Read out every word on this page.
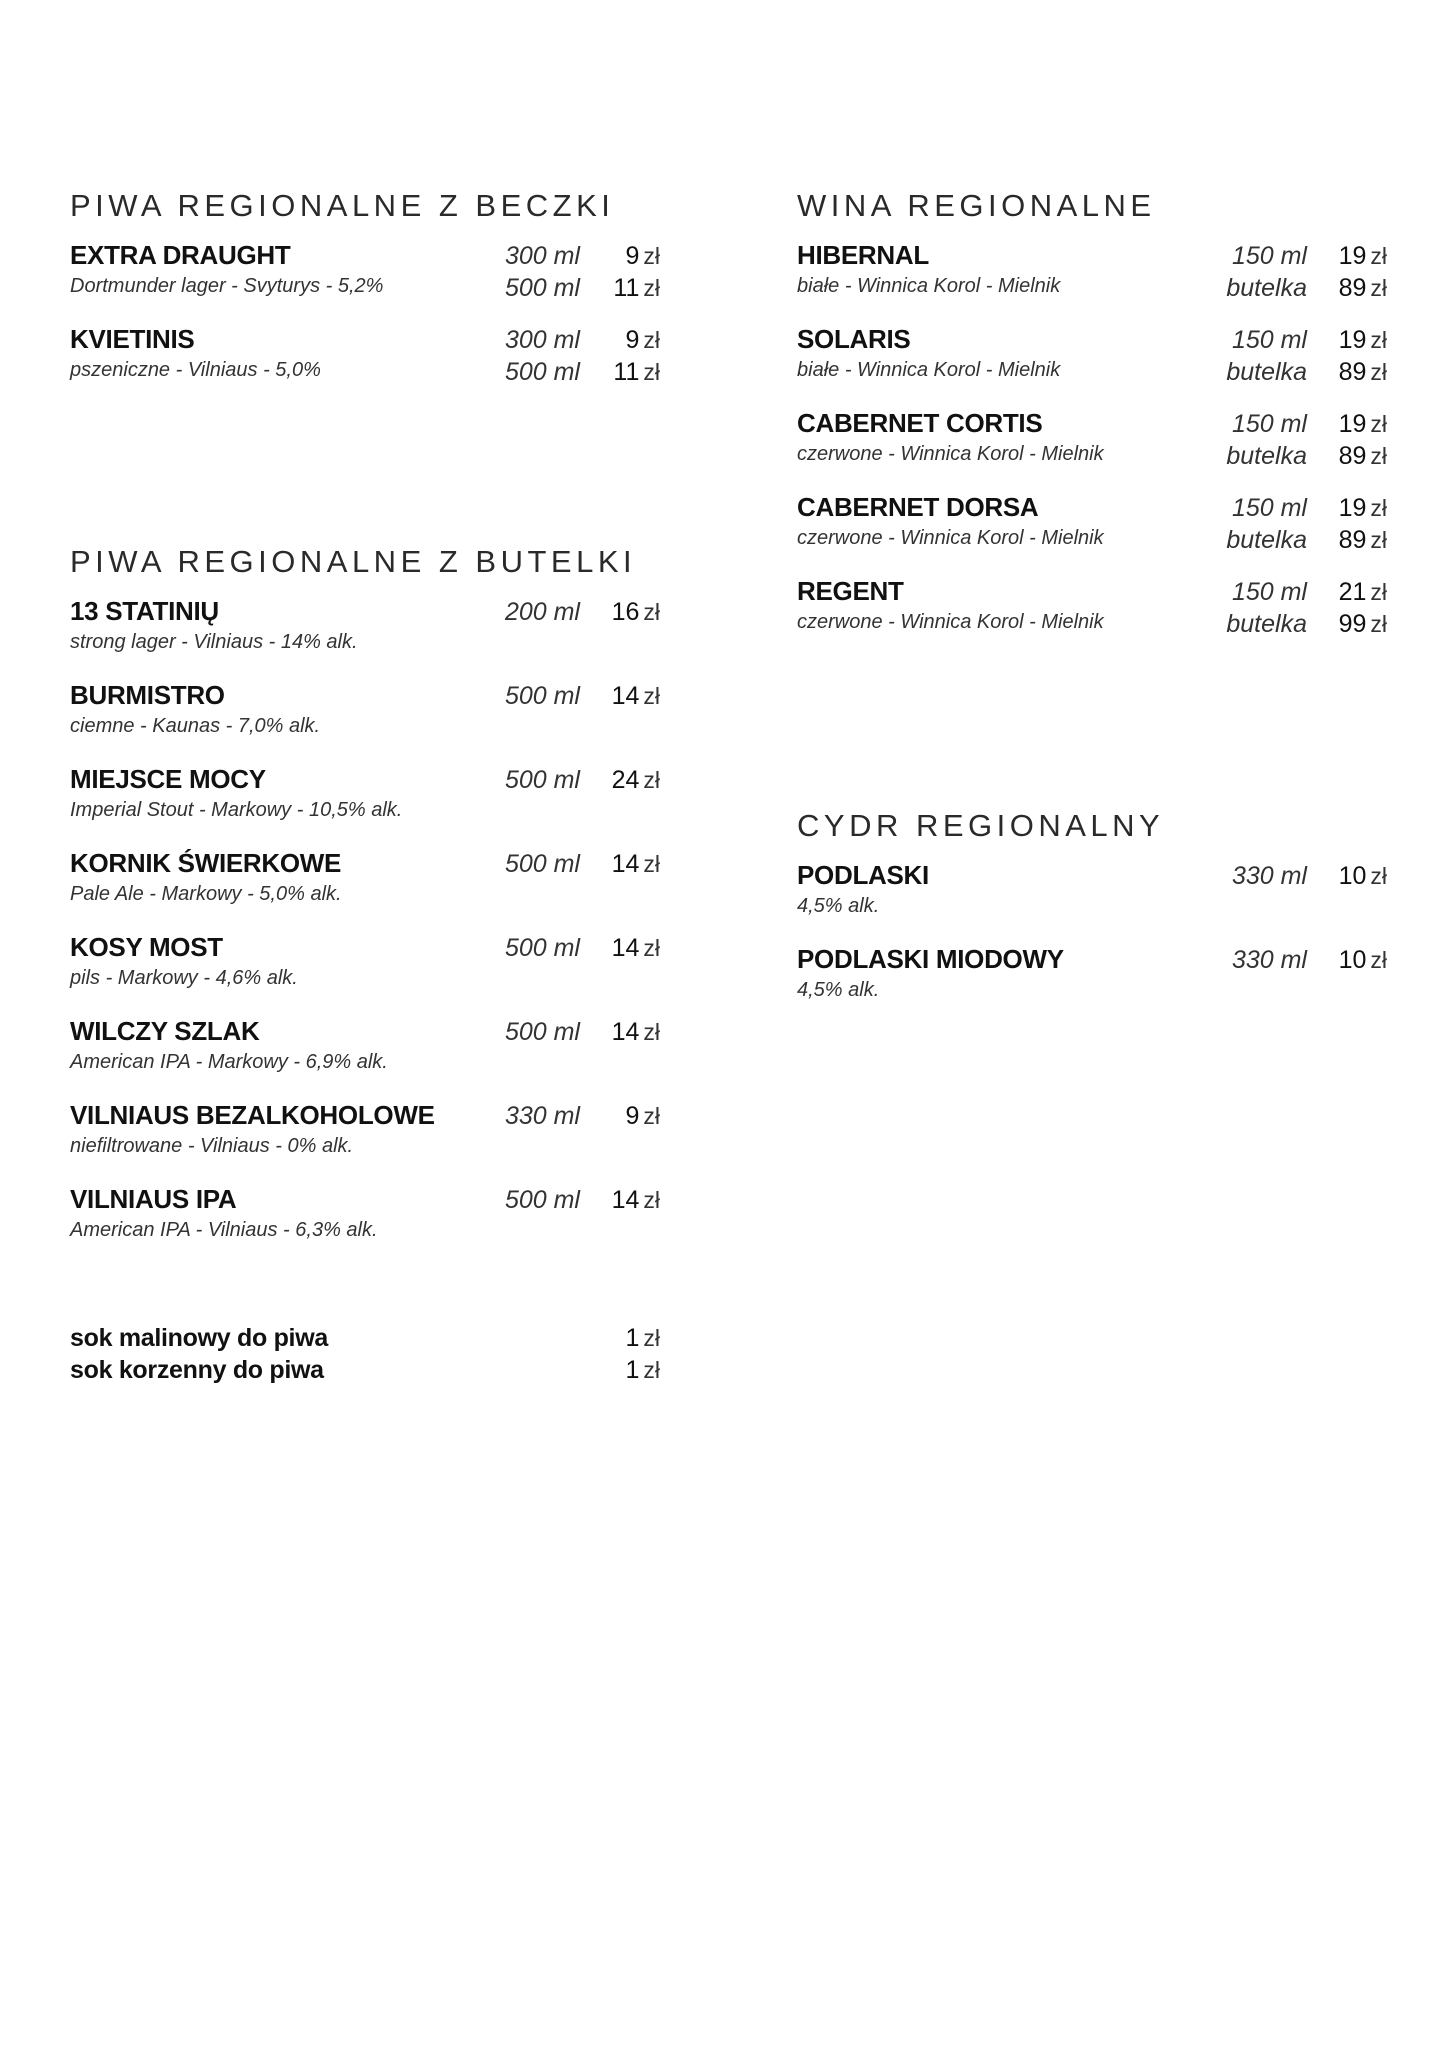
PIWA REGIONALNE Z BECZKI
EXTRA DRAUGHT
Dortmunder lager - Svyturys - 5,2%
300 ml 9 zł
500 ml 11 zł
KVIETINIS
pszeniczne - Vilniaus - 5,0%
300 ml 9 zł
500 ml 11 zł
PIWA REGIONALNE Z BUTELKI
13 STATINIŲ
strong lager - Vilniaus - 14% alk.
200 ml 16 zł
BURMISTRO
ciemne - Kaunas - 7,0% alk.
500 ml 14 zł
MIEJSCE MOCY
Imperial Stout - Markowy - 10,5% alk.
500 ml 24 zł
KORNIK ŚWIERKOWE
Pale Ale - Markowy - 5,0% alk.
500 ml 14 zł
KOSY MOST
pils - Markowy - 4,6% alk.
500 ml 14 zł
WILCZY SZLAK
American IPA - Markowy - 6,9% alk.
500 ml 14 zł
VILNIAUS BEZALKOHOLOWE
niefiltrowane - Vilniaus - 0% alk.
330 ml 9 zł
VILNIAUS IPA
American IPA - Vilniaus - 6,3% alk.
500 ml 14 zł
sok malinowy do piwa	1 zł
sok korzenny do piwa	1 zł
WINA REGIONALNE
HIBERNAL
białe - Winnica Korol - Mielnik
150 ml 19 zł
butelka 89 zł
SOLARIS
białe - Winnica Korol - Mielnik
150 ml 19 zł
butelka 89 zł
CABERNET CORTIS
czerwone - Winnica Korol - Mielnik
150 ml 19 zł
butelka 89 zł
CABERNET DORSA
czerwone - Winnica Korol - Mielnik
150 ml 19 zł
butelka 89 zł
REGENT
czerwone - Winnica Korol - Mielnik
150 ml 21 zł
butelka 99 zł
CYDR REGIONALNY
PODLASKI
4,5% alk.
330 ml 10 zł
PODLASKI MIODOWY
4,5% alk.
330 ml 10 zł
